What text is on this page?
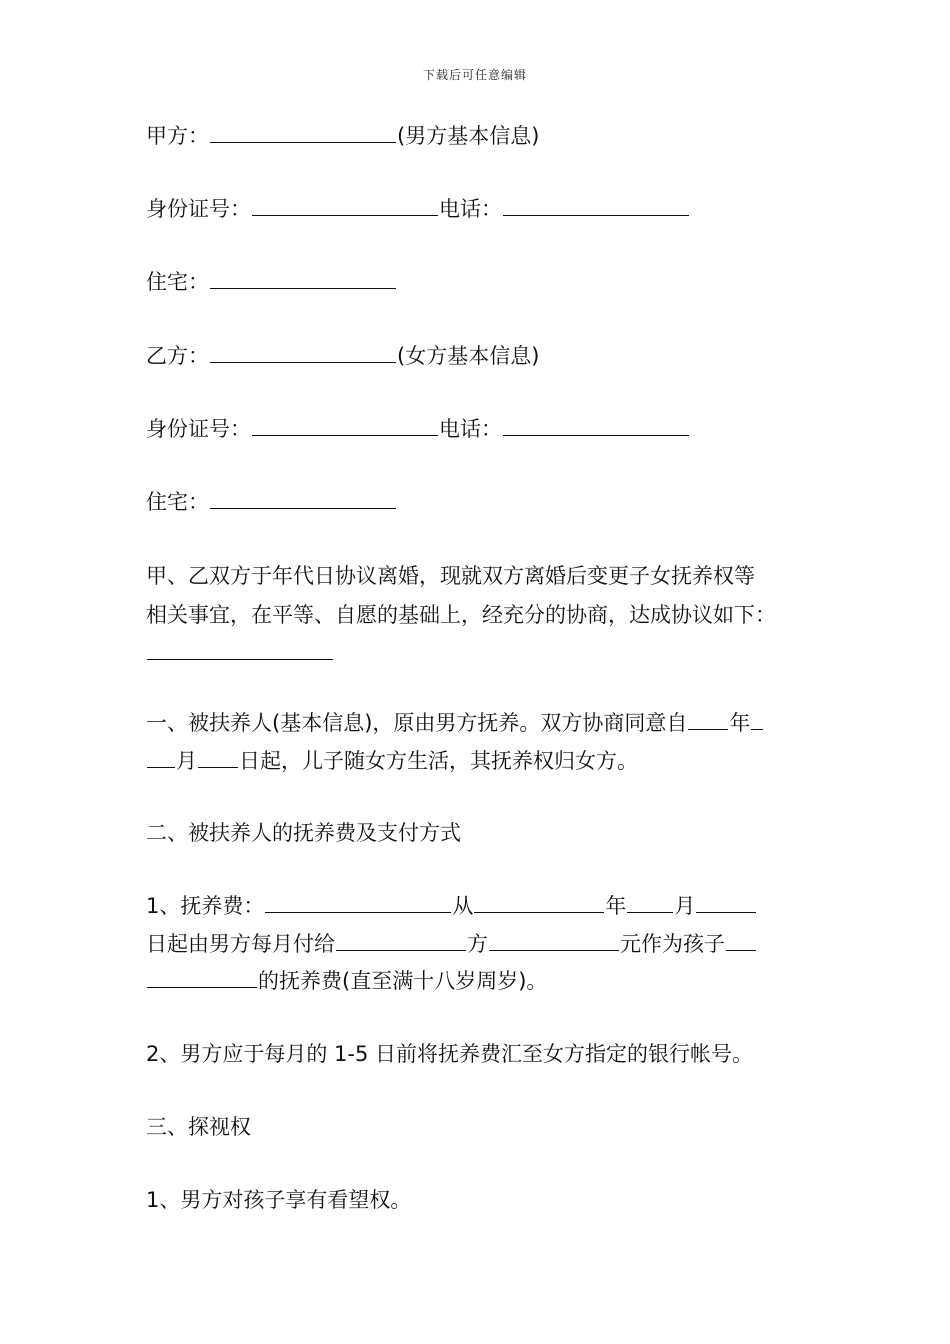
下载后可任意编辑
甲方：	(男方基本信息)
身份证号：	电话：
住宅：
乙方：	(女方基本信息)
身份证号：	电话：
住宅：
甲、乙双方于年代日协议离婚，现就双方离婚后变更子女抚养权等
相关事宜，在平等、自愿的基础上，经充分的协商，达成协议如下：
一、被扶养人(基本信息)，原由男方抚养。双方协商同意自 年
月 日起，儿子随女方生活，其抚养权归女方。
二、被扶养人的抚养费及支付方式
1、抚养费：	从	年 月
日起由男方每月付给	方	元作为孩子
的抚养费(直至满十八岁周岁)。
2、男方应于每月的 1-5 日前将抚养费汇至女方指定的银行帐号。
三、探视权
1、男方对孩子享有看望权。
